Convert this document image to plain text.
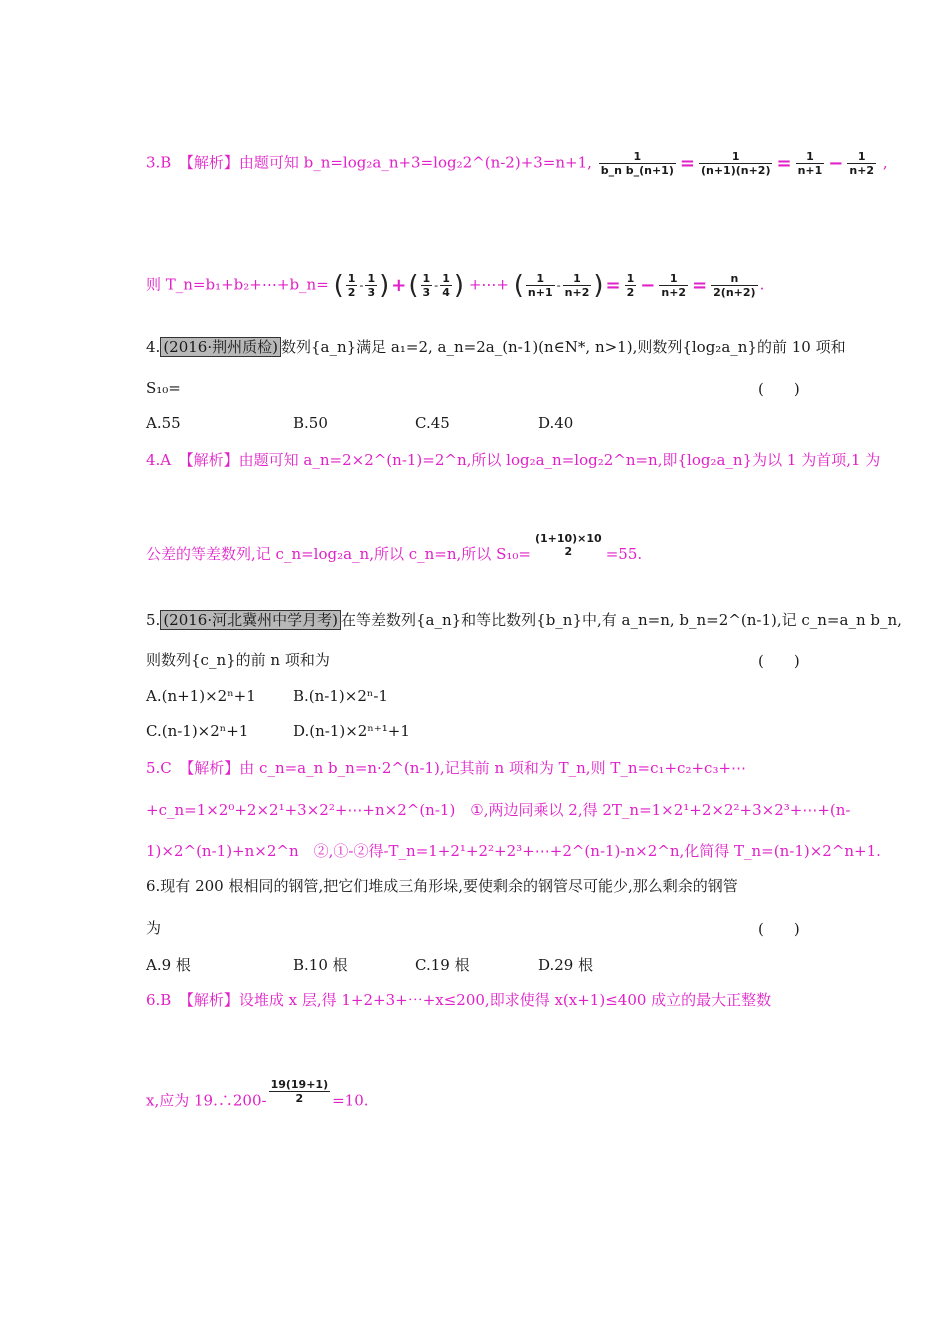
3.B　【解析】由题可知 b_n=log₂a_n+3=log₂2^(n-2)+3=n+1, $\frac{1}{\text{b\_n b\_(n+1)}} = \frac{1}{(n+1)(n+2)} = \frac{1}{n+1} - \frac{1}{n+2}$ ,
则 T_n=b₁+b₂+⋯+b_n= ( $\frac{1}{2} - \frac{1}{3}$ ) +( $\frac{1}{3} - \frac{1}{4}$ ) +⋯+ ( $\frac{1}{n+1} - \frac{1}{n+2}$ ) = $\frac{1}{2} - \frac{1}{n+2} = \frac{n}{2(n+2)}$ .
4. (2016·荆州质检) 数列{a_n}满足 a₁=2, a_n=2a_(n-1)(n∈N*, n>1),则数列{log₂a_n}的前 10 项和
S₁₀=	(　　)
A.55	B.50	C.45	D.40
4.A　【解析】由题可知 a_n=2×2^(n-1)=2^n,所以 log₂a_n=log₂2^n=n,即{log₂a_n}为以 1 为首项,1 为
公差的等差数列,记 c_n=log₂a_n,所以 c_n=n,所以 S₁₀=
(1+10)×10
2	=55.
5. (2016·河北冀州中学月考) 在等差数列{a_n}和等比数列{b_n}中,有 a_n=n, b_n=2^(n-1),记 c_n=a_n b_n,
则数列{c_n}的前 n 项和为	(　　)
A.(n+1)×2ⁿ+1 B.(n-1)×2ⁿ-1
C.(n-1)×2ⁿ+1	D.(n-1)×2ⁿ⁺¹+1
5.C　【解析】由 c_n=a_n b_n=n·2^(n-1),记其前 n 项和为 T_n,则 T_n=c₁+c₂+c₃+⋯
+c_n=1×2⁰+2×2¹+3×2²+⋯+n×2^(n-1)　①,两边同乘以 2,得 2T_n=1×2¹+2×2²+3×2³+⋯+(n-
1)×2^(n-1)+n×2^n　②,①-②得-T_n=1+2¹+2²+2³+⋯+2^(n-1)-n×2^n,化简得 T_n=(n-1)×2^n+1.
6.现有 200 根相同的钢管,把它们堆成三角形垛,要使剩余的钢管尽可能少,那么剩余的钢管
为	(　　)
A.9 根	B.10 根	C.19 根	D.29 根
6.B　【解析】设堆成 x 层,得 1+2+3+⋯+x≤200,即求使得 x(x+1)≤400 成立的最大正整数
x,应为 19.∴200- $\frac{19(19+1)}{2} =10$.
